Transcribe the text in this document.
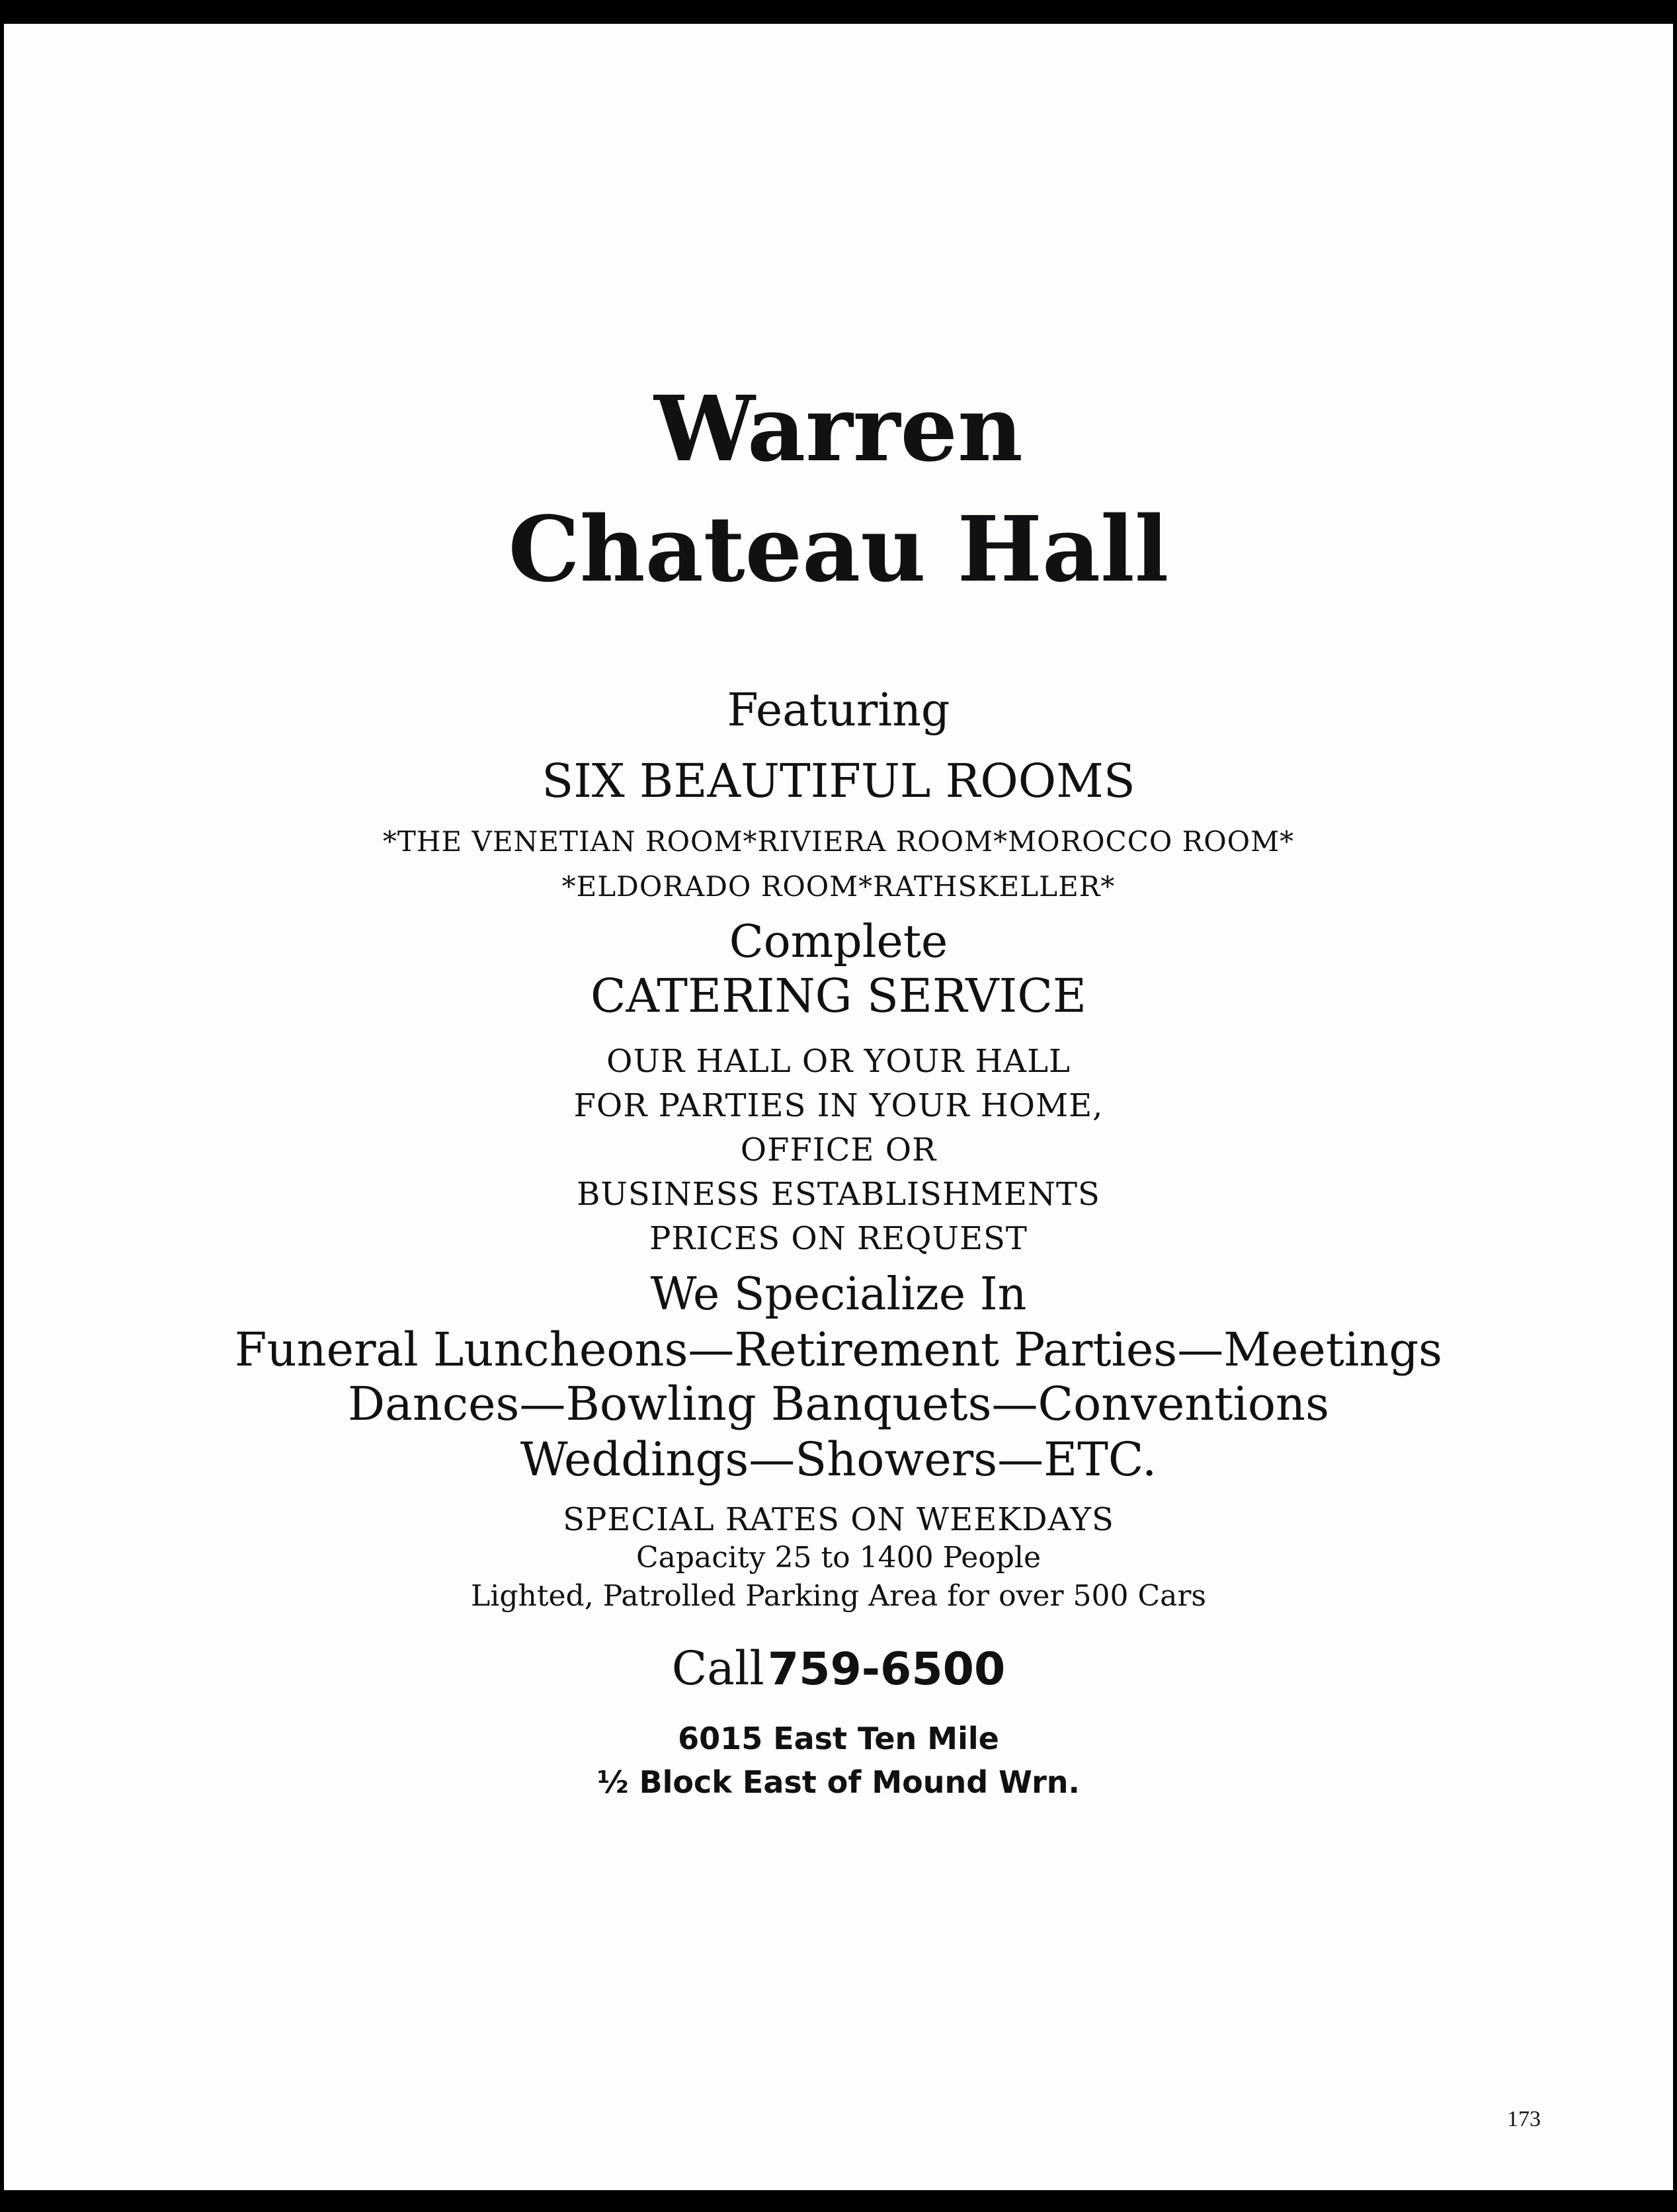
Warren
Chateau Hall
Featuring
SIX BEAUTIFUL ROOMS
*THE VENETIAN ROOM*RIVIERA ROOM*MOROCCO ROOM*
*ELDORADO ROOM*RATHSKELLER*
Complete
CATERING SERVICE
OUR HALL OR YOUR HALL
FOR PARTIES IN YOUR HOME,
OFFICE OR
BUSINESS ESTABLISHMENTS
PRICES ON REQUEST
We Specialize In
Funeral Luncheons—Retirement Parties—Meetings
Dances—Bowling Banquets—Conventions
Weddings—Showers—ETC.
SPECIAL RATES ON WEEKDAYS
Capacity 25 to 1400 People
Lighted, Patrolled Parking Area for over 500 Cars
Call 759-6500
6015 East Ten Mile
½ Block East of Mound Wrn.
173
